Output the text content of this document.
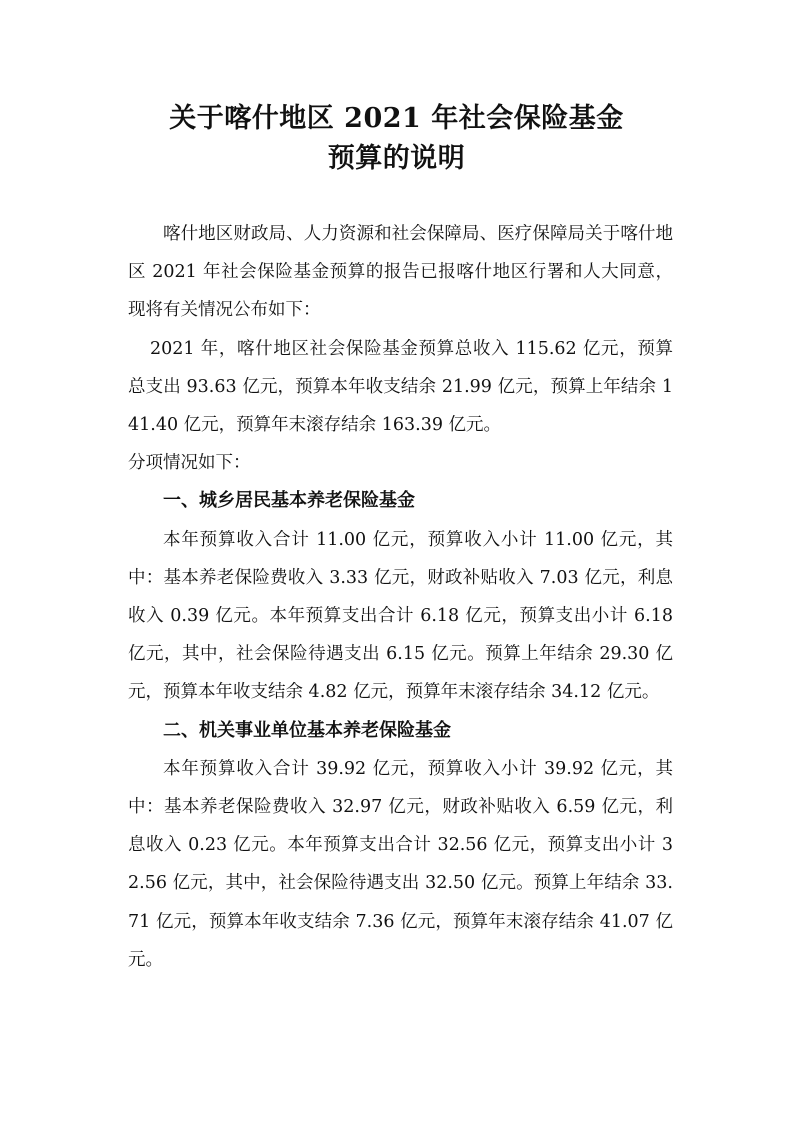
关于喀什地区 2021 年社会保险基金
预算的说明

喀什地区财政局、人力资源和社会保障局、医疗保障局关于喀什地区 2021 年社会保险基金预算的报告已报喀什地区行署和人大同意，现将有关情况公布如下：

2021 年，喀什地区社会保险基金预算总收入 115.62 亿元，预算总支出 93.63 亿元，预算本年收支结余 21.99 亿元，预算上年结余 141.40 亿元，预算年末滚存结余 163.39 亿元。

分项情况如下：

一、城乡居民基本养老保险基金

本年预算收入合计 11.00 亿元，预算收入小计 11.00 亿元，其中：基本养老保险费收入 3.33 亿元，财政补贴收入 7.03 亿元，利息收入 0.39 亿元。本年预算支出合计 6.18 亿元，预算支出小计 6.18 亿元，其中，社会保险待遇支出 6.15 亿元。预算上年结余 29.30 亿元，预算本年收支结余 4.82 亿元，预算年末滚存结余 34.12 亿元。

二、机关事业单位基本养老保险基金

本年预算收入合计 39.92 亿元，预算收入小计 39.92 亿元，其中：基本养老保险费收入 32.97 亿元，财政补贴收入 6.59 亿元，利息收入 0.23 亿元。本年预算支出合计 32.56 亿元，预算支出小计 32.56 亿元，其中，社会保险待遇支出 32.50 亿元。预算上年结余 33.71 亿元，预算本年收支结余 7.36 亿元，预算年末滚存结余 41.07 亿元。
